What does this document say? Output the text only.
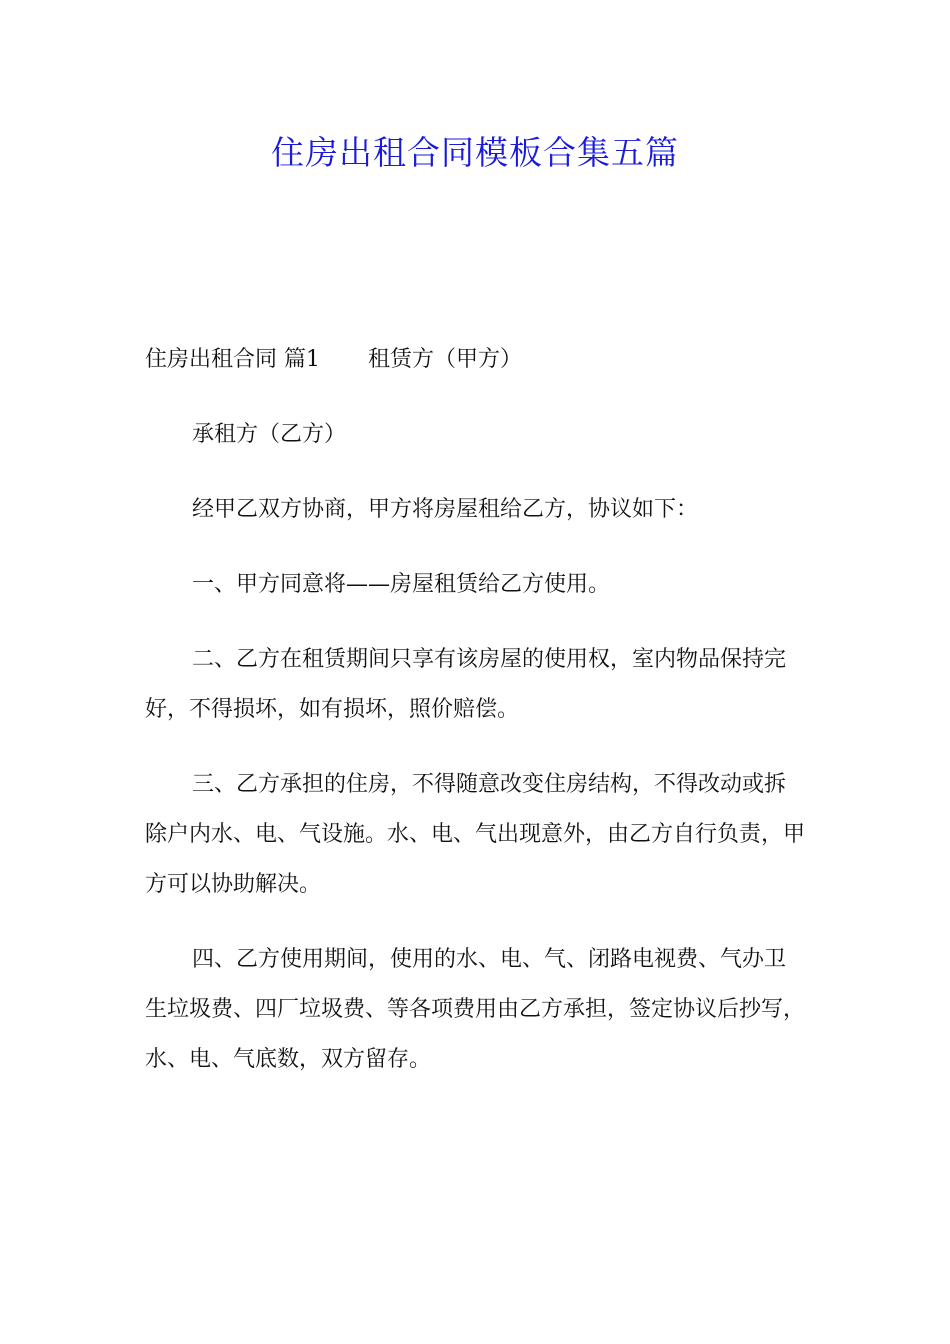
住房出租合同模板合集五篇

住房出租合同 篇1 租赁方（甲方）

承租方（乙方）

经甲乙双方协商，甲方将房屋租给乙方，协议如下：

一、甲方同意将——房屋租赁给乙方使用。

二、乙方在租赁期间只享有该房屋的使用权，室内物品保持完好，不得损坏，如有损坏，照价赔偿。

三、乙方承担的住房，不得随意改变住房结构，不得改动或拆除户内水、电、气设施。水、电、气出现意外，由乙方自行负责，甲方可以协助解决。

四、乙方使用期间，使用的水、电、气、闭路电视费、气办卫生垃圾费、四厂垃圾费、等各项费用由乙方承担，签定协议后抄写，水、电、气底数，双方留存。
